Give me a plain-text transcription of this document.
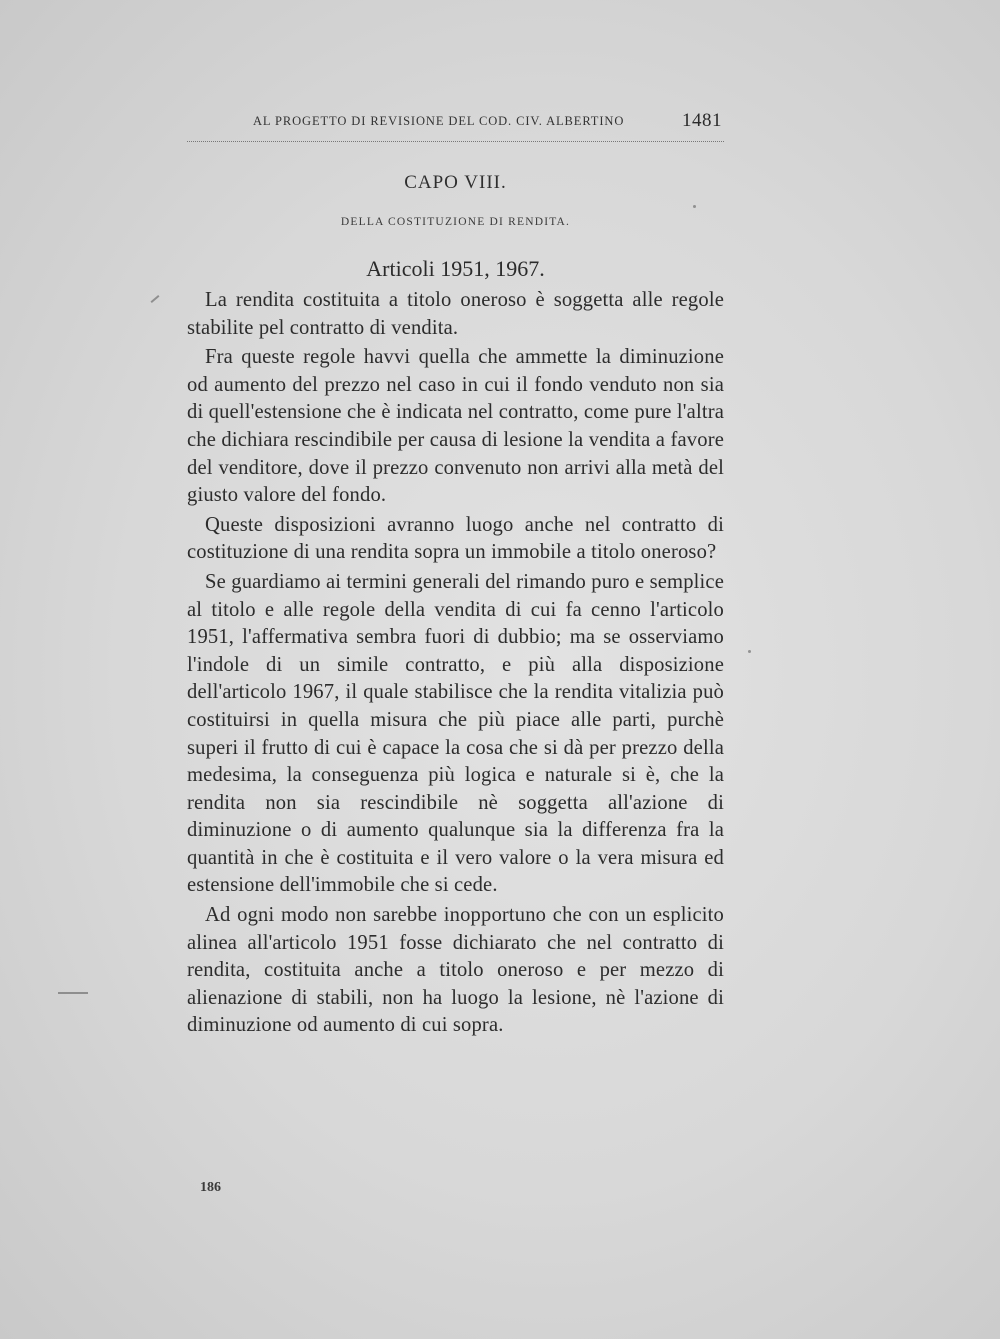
AL PROGETTO DI REVISIONE DEL COD. CIV. ALBERTINO	1481
CAPO VIII.
DELLA COSTITUZIONE DI RENDITA.
Articoli 1951, 1967.

La rendita costituita a titolo oneroso è soggetta alle regole stabilite pel contratto di vendita.

Fra queste regole havvi quella che ammette la diminuzione od aumento del prezzo nel caso in cui il fondo venduto non sia di quell'estensione che è indicata nel contratto, come pure l'altra che dichiara rescindibile per causa di lesione la vendita a favore del venditore, dove il prezzo convenuto non arrivi alla metà del giusto valore del fondo.

Queste disposizioni avranno luogo anche nel contratto di costituzione di una rendita sopra un immobile a titolo oneroso?

Se guardiamo ai termini generali del rimando puro e semplice al titolo e alle regole della vendita di cui fa cenno l'articolo 1951, l'affermativa sembra fuori di dubbio; ma se osserviamo l'indole di un simile contratto, e più alla disposizione dell'articolo 1967, il quale stabilisce che la rendita vitalizia può costituirsi in quella misura che più piace alle parti, purchè superi il frutto di cui è capace la cosa che si dà per prezzo della medesima, la conseguenza più logica e naturale si è, che la rendita non sia rescindibile nè soggetta all'azione di diminuzione o di aumento qualunque sia la differenza fra la quantità in che è costituita e il vero valore o la vera misura ed estensione dell'immobile che si cede.

Ad ogni modo non sarebbe inopportuno che con un esplicito alinea all'articolo 1951 fosse dichiarato che nel contratto di rendita, costituita anche a titolo oneroso e per mezzo di alienazione di stabili, non ha luogo la lesione, nè l'azione di diminuzione od aumento di cui sopra.

186
